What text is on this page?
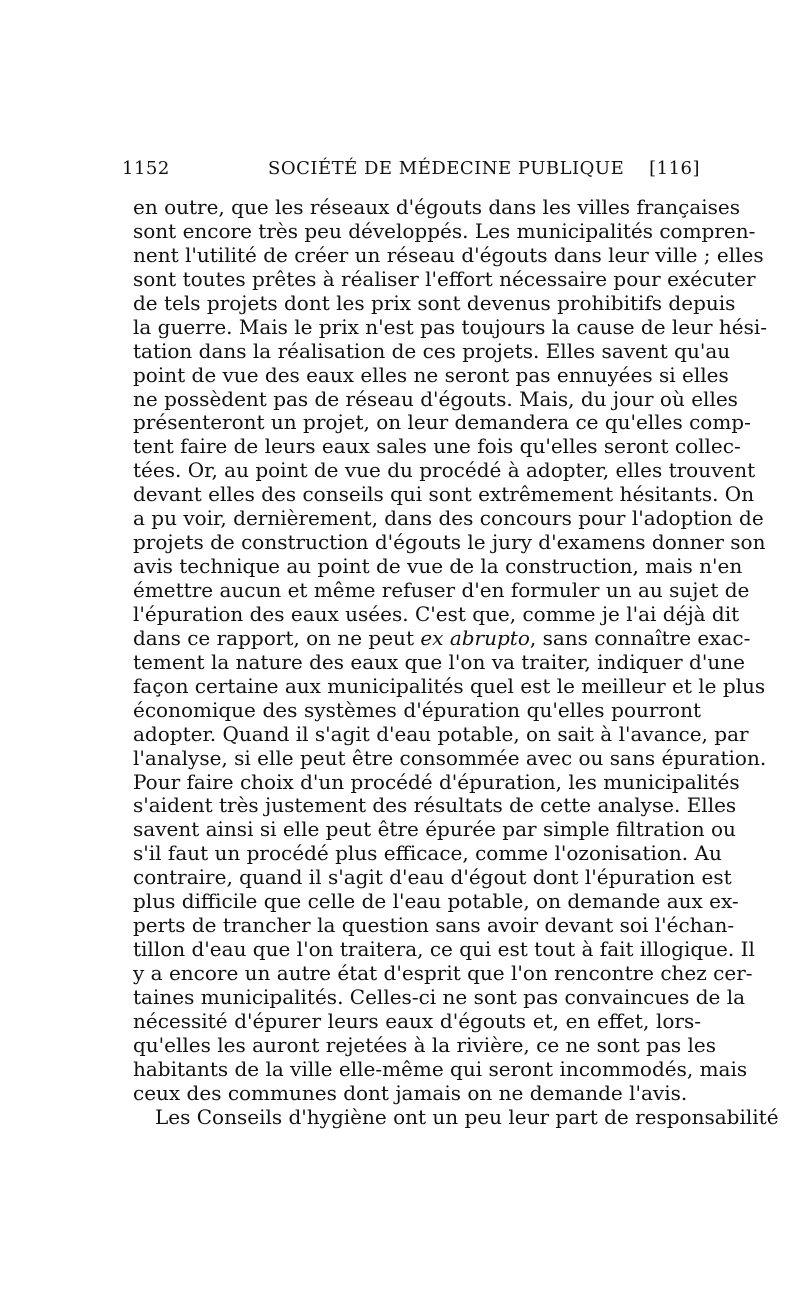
1152	SOCIÉTÉ DE MÉDECINE PUBLIQUE [116]
en outre, que les réseaux d'égouts dans les villes françaises
sont encore très peu développés. Les municipalités compren-
nent l'utilité de créer un réseau d'égouts dans leur ville ; elles
sont toutes prêtes à réaliser l'effort nécessaire pour exécuter
de tels projets dont les prix sont devenus prohibitifs depuis
la guerre. Mais le prix n'est pas toujours la cause de leur hési-
tation dans la réalisation de ces projets. Elles savent qu'au
point de vue des eaux elles ne seront pas ennuyées si elles
ne possèdent pas de réseau d'égouts. Mais, du jour où elles
présenteront un projet, on leur demandera ce qu'elles comp-
tent faire de leurs eaux sales une fois qu'elles seront collec-
tées. Or, au point de vue du procédé à adopter, elles trouvent
devant elles des conseils qui sont extrêmement hésitants. On
a pu voir, dernièrement, dans des concours pour l'adoption de
projets de construction d'égouts le jury d'examens donner son
avis technique au point de vue de la construction, mais n'en
émettre aucun et même refuser d'en formuler un au sujet de
l'épuration des eaux usées. C'est que, comme je l'ai déjà dit
dans ce rapport, on ne peut ex abrupto, sans connaître exac-
tement la nature des eaux que l'on va traiter, indiquer d'une
façon certaine aux municipalités quel est le meilleur et le plus
économique des systèmes d'épuration qu'elles pourront
adopter. Quand il s'agit d'eau potable, on sait à l'avance, par
l'analyse, si elle peut être consommée avec ou sans épuration.
Pour faire choix d'un procédé d'épuration, les municipalités
s'aident très justement des résultats de cette analyse. Elles
savent ainsi si elle peut être épurée par simple filtration ou
s'il faut un procédé plus efficace, comme l'ozonisation. Au
contraire, quand il s'agit d'eau d'égout dont l'épuration est
plus difficile que celle de l'eau potable, on demande aux ex-
perts de trancher la question sans avoir devant soi l'échan-
tillon d'eau que l'on traitera, ce qui est tout à fait illogique. Il
y a encore un autre état d'esprit que l'on rencontre chez cer-
taines municipalités. Celles-ci ne sont pas convaincues de la
nécessité d'épurer leurs eaux d'égouts et, en effet, lors-
qu'elles les auront rejetées à la rivière, ce ne sont pas les
habitants de la ville elle-même qui seront incommodés, mais
ceux des communes dont jamais on ne demande l'avis.
Les Conseils d'hygiène ont un peu leur part de responsabilité
